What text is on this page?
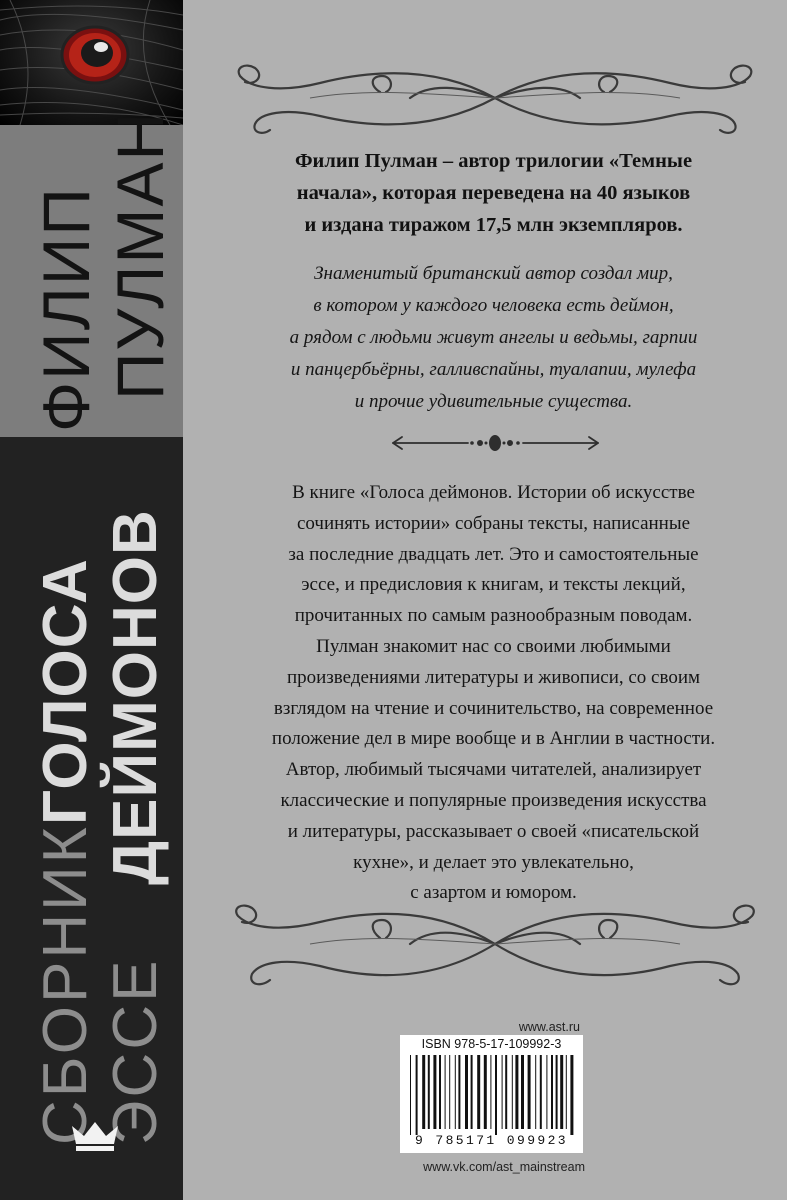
ФИЛИП ПУЛМАН
СБОРНИК
ГОЛОСА
ЭССЕ
ДЕЙМОНОВ
Филип Пулман – автор трилогии «Темные
начала», которая переведена на 40 языков
и издана тиражом 17,5 млн экземпляров.
Знаменитый британский автор создал мир,
в котором у каждого человека есть деймон,
а рядом с людьми живут ангелы и ведьмы, гарпии
и панцербьёрны, галливспайны, туалапии, мулефа
и прочие удивительные существа.
В книге «Голоса деймонов. Истории об искусстве
сочинять истории» собраны тексты, написанные
за последние двадцать лет. Это и самостоятельные
эссе, и предисловия к книгам, и тексты лекций,
прочитанных по самым разнообразным поводам.
Пулман знакомит нас со своими любимыми
произведениями литературы и живописи, со своим
взглядом на чтение и сочинительство, на современное
положение дел в мире вообще и в Англии в частности.
Автор, любимый тысячами читателей, анализирует
классические и популярные произведения искусства
и литературы, рассказывает о своей «писательской
кухне», и делает это увлекательно,
с азартом и юмором.
www.ast.ru
ISBN 978-5-17-109992-3
9 785171 099923
www.vk.com/ast_mainstream
